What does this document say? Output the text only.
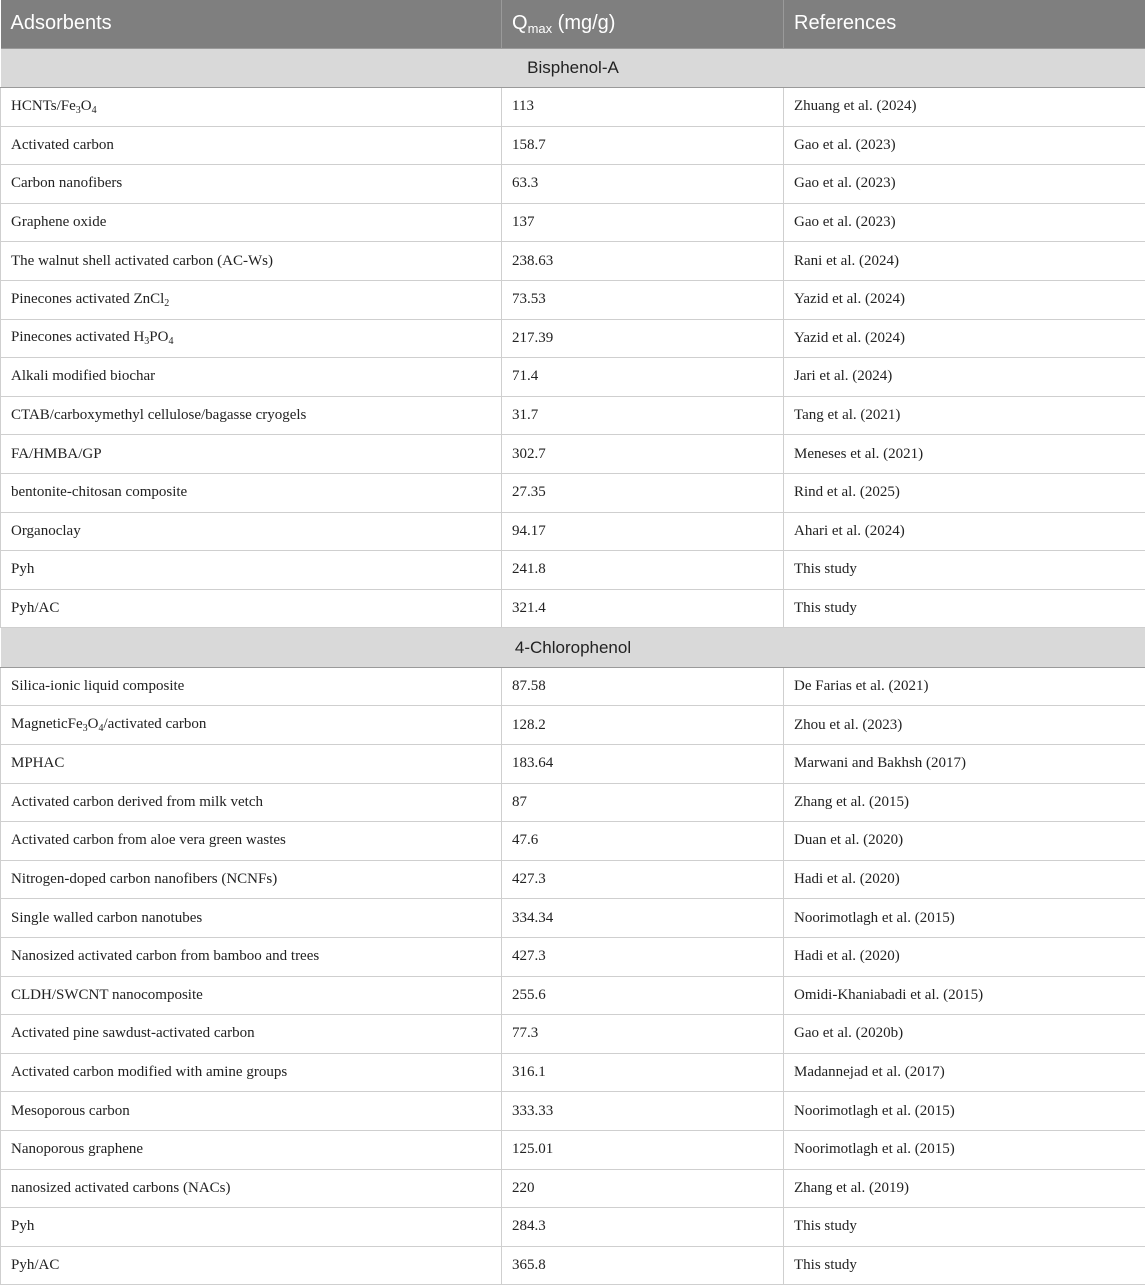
Adsorbents	$Q_{max}$ (mg/g)	References
Bisphenol-A		
HCNTs/$Fe_3O_4$	113	Zhuang et al. (2024)
Activated carbon	158.7	Gao et al. (2023)
Carbon nanofibers	63.3	Gao et al. (2023)
Graphene oxide	137	Gao et al. (2023)
The walnut shell activated carbon (AC-Ws)	238.63	Rani et al. (2024)
Pinecones activated ZnCl$_2$	73.53	Yazid et al. (2024)
Pinecones activated $H_3PO_4$	217.39	Yazid et al. (2024)
Alkali modified biochar	71.4	Jari et al. (2024)
CTAB/carboxymethyl cellulose/bagasse cryogels	31.7	Tang et al. (2021)
FA/HMBA/GP	302.7	Meneses et al. (2021)
bentonite-chitosan composite	27.35	Rind et al. (2025)
Organoclay	94.17	Ahari et al. (2024)
Pyh	241.8	This study
Pyh/AC	321.4	This study
4-Chlorophenol		
Silica-ionic liquid composite	87.58	De Farias et al. (2021)
$MagneticFe_3O_4$/activated carbon	128.2	Zhou et al. (2023)
MPHAC	183.64	Marwani and Bakhsh (2017)
Activated carbon derived from milk vetch	87	Zhang et al. (2015)
Activated carbon from aloe vera green wastes	47.6	Duan et al. (2020)
Nitrogen-doped carbon nanofibers (NCNFs)	427.3	Hadi et al. (2020)
Single walled carbon nanotubes	334.34	Noorimotlagh et al. (2015)
Nanosized activated carbon from bamboo and trees	427.3	Hadi et al. (2020)
CLDH/SWCNT nanocomposite	255.6	Omidi-Khaniabadi et al. (2015)
Activated pine sawdust-activated carbon	77.3	Gao et al. (2020b)
Activated carbon modified with amine groups	316.1	Madannejad et al. (2017)
Mesoporous carbon	333.33	Noorimotlagh et al. (2015)
Nanoporous graphene	125.01	Noorimotlagh et al. (2015)
nanosized activated carbons (NACs)	220	Zhang et al. (2019)
Pyh	284.3	This study
Pyh/AC	365.8	This study
